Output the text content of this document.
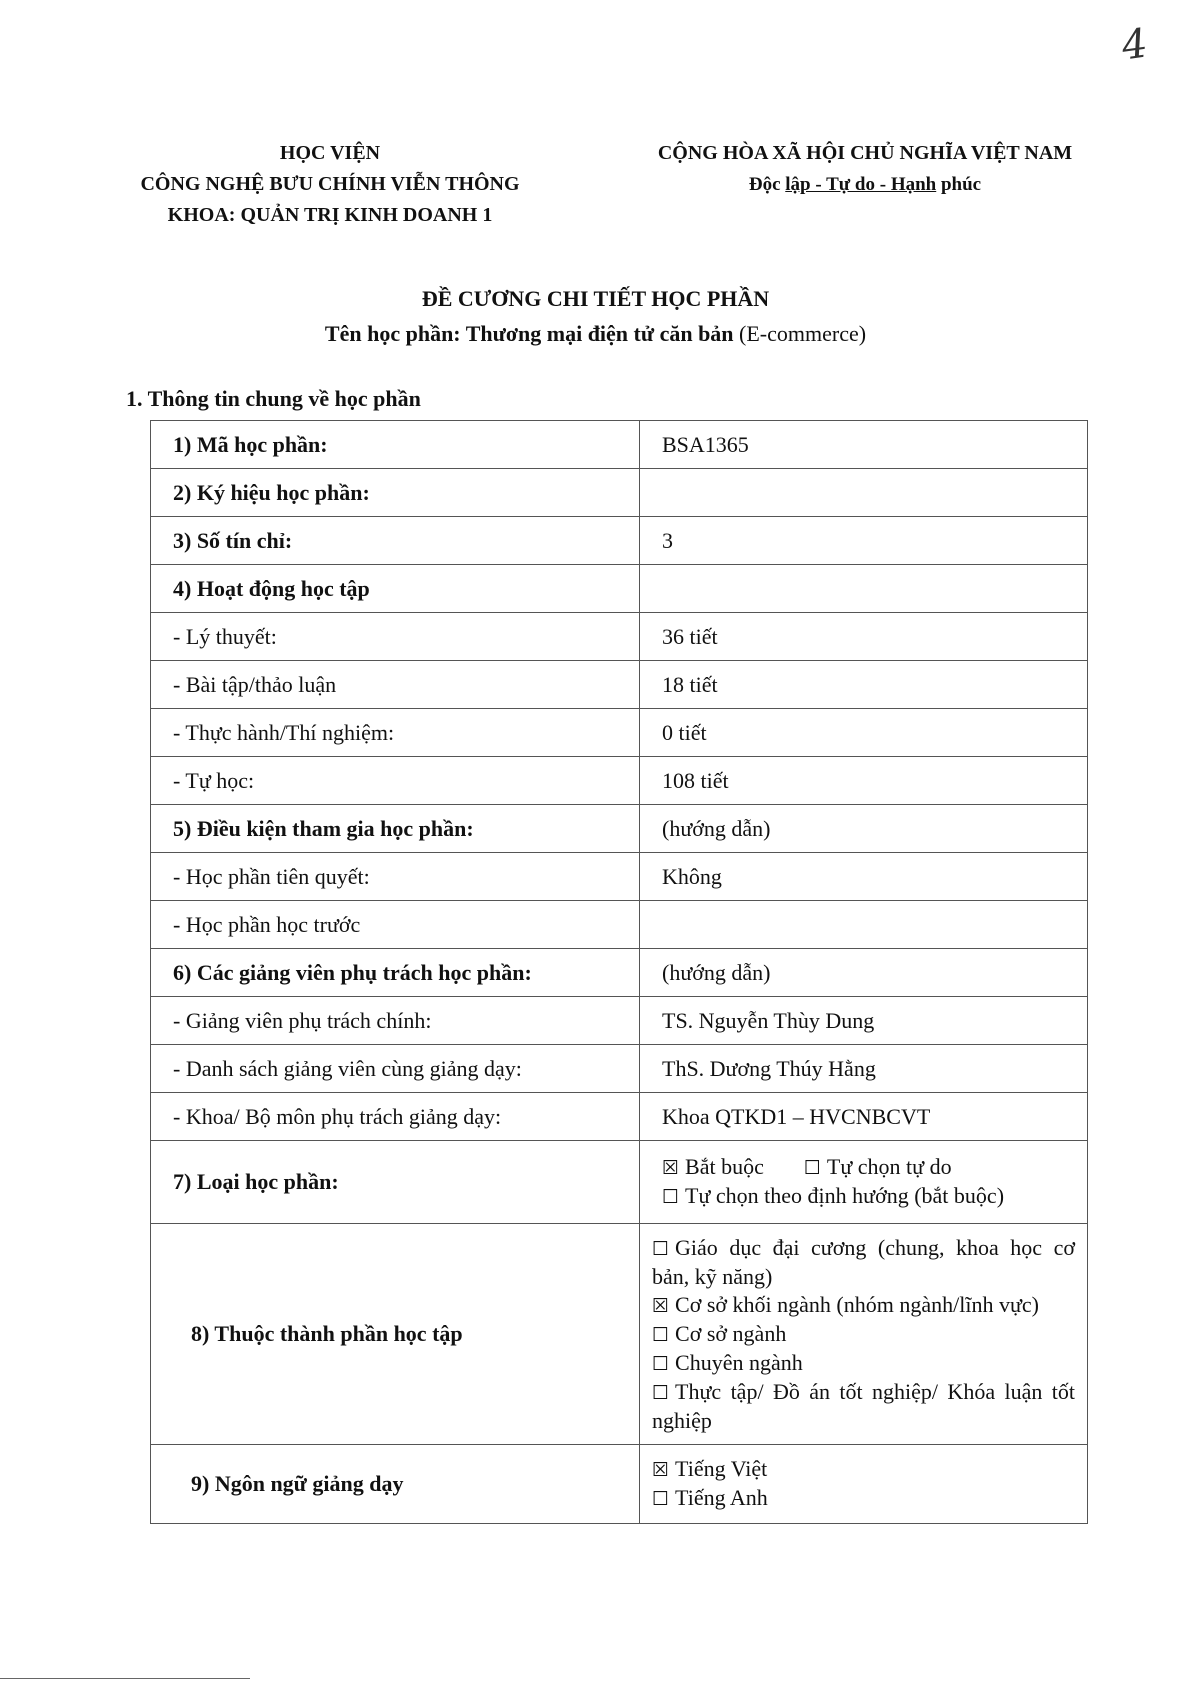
4
HỌC VIỆN
CÔNG NGHỆ BƯU CHÍNH VIỄN THÔNG
KHOA: QUẢN TRỊ KINH DOANH 1
CỘNG HÒA XÃ HỘI CHỦ NGHĨA VIỆT NAM
Độc lập - Tự do - Hạnh phúc
ĐỀ CƯƠNG CHI TIẾT HỌC PHẦN
Tên học phần: Thương mại điện tử căn bản (E-commerce)
1. Thông tin chung về học phần
1) Mã học phần:	BSA1365
2) Ký hiệu học phần:	
3) Số tín chỉ:	3
4) Hoạt động học tập	
- Lý thuyết:	36 tiết
- Bài tập/thảo luận	18 tiết
- Thực hành/Thí nghiệm:	0 tiết
- Tự học:	108 tiết
5) Điều kiện tham gia học phần:	(hướng dẫn)
- Học phần tiên quyết:	Không
- Học phần học trước	
6) Các giảng viên phụ trách học phần:	(hướng dẫn)
- Giảng viên phụ trách chính:	TS. Nguyễn Thùy Dung
- Danh sách giảng viên cùng giảng dạy:	ThS. Dương Thúy Hằng
- Khoa/ Bộ môn phụ trách giảng dạy:	Khoa QTKD1 – HVCNBCVT
7) Loại học phần:	☒ Bắt buộc ☐ Tự chọn tự do
☐ Tự chọn theo định hướng (bắt buộc)

8) Thuộc thành phần học tập	☐ Giáo dục đại cương (chung, khoa học cơ bản, kỹ năng)
☒ Cơ sở khối ngành (nhóm ngành/lĩnh vực)
☐ Cơ sở ngành
☐ Chuyên ngành
☐ Thực tập/ Đồ án tốt nghiệp/ Khóa luận tốt nghiệp

9) Ngôn ngữ giảng dạy	☒ Tiếng Việt
☐ Tiếng Anh
